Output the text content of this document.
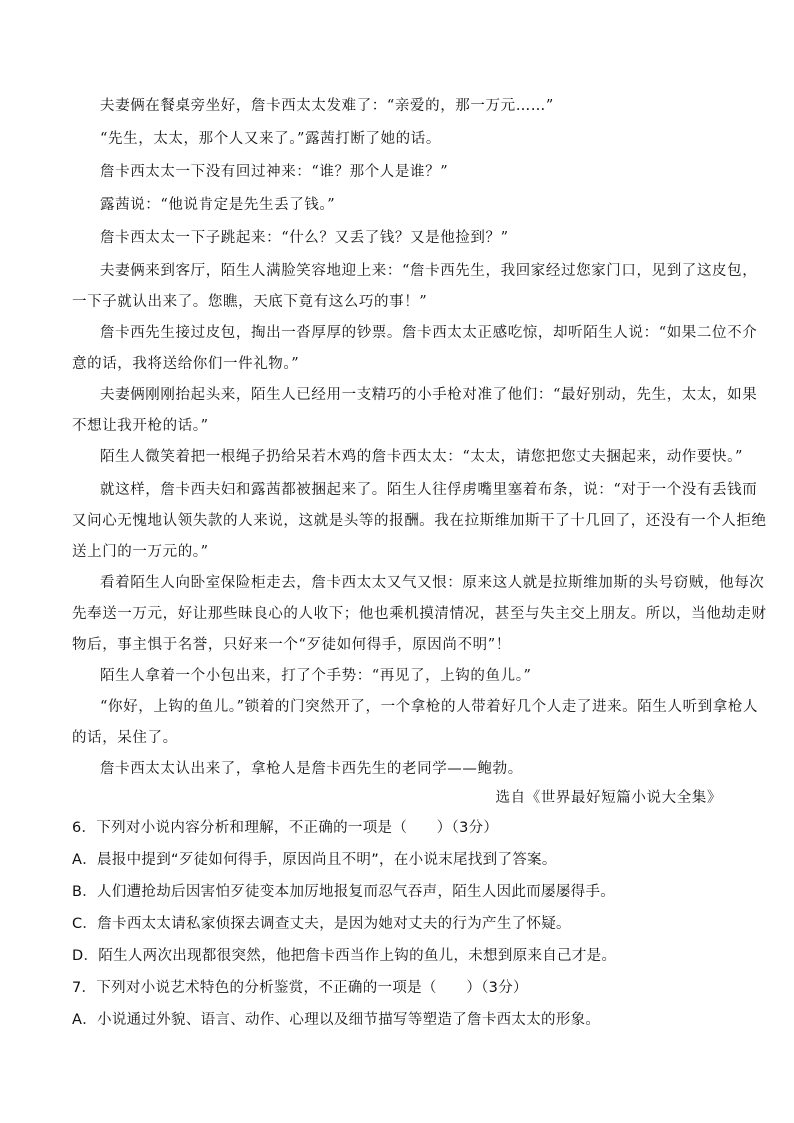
夫妻俩在餐桌旁坐好，詹卡西太太发难了：“亲爱的，那一万元……”

“先生，太太，那个人又来了。”露茜打断了她的话。

詹卡西太太一下没有回过神来：“谁？那个人是谁？”

露茜说：“他说肯定是先生丢了钱。”

詹卡西太太一下子跳起来：“什么？又丢了钱？又是他捡到？”

夫妻俩来到客厅，陌生人满脸笑容地迎上来：“詹卡西先生，我回家经过您家门口，见到了这皮包，

一下子就认出来了。您瞧，天底下竟有这么巧的事！”

詹卡西先生接过皮包，掏出一沓厚厚的钞票。詹卡西太太正感吃惊，却听陌生人说：“如果二位不介

意的话，我将送给你们一件礼物。”

夫妻俩刚刚抬起头来，陌生人已经用一支精巧的小手枪对准了他们：“最好别动，先生，太太，如果

不想让我开枪的话。”

陌生人微笑着把一根绳子扔给呆若木鸡的詹卡西太太：“太太，请您把您丈夫捆起来，动作要快。”

就这样，詹卡西夫妇和露茜都被捆起来了。陌生人往俘虏嘴里塞着布条，说：“对于一个没有丢钱而

又问心无愧地认领失款的人来说，这就是头等的报酬。我在拉斯维加斯干了十几回了，还没有一个人拒绝

送上门的一万元的。”

看着陌生人向卧室保险柜走去，詹卡西太太又气又恨：原来这人就是拉斯维加斯的头号窃贼，他每次

先奉送一万元，好让那些昧良心的人收下；他也乘机摸清情况，甚至与失主交上朋友。所以，当他劫走财

物后，事主惧于名誉，只好来一个“歹徒如何得手，原因尚不明”！

陌生人拿着一个小包出来，打了个手势：“再见了，上钩的鱼儿。”

“你好，上钩的鱼儿。”锁着的门突然开了，一个拿枪的人带着好几个人走了进来。陌生人听到拿枪人

的话，呆住了。

詹卡西太太认出来了，拿枪人是詹卡西先生的老同学——鲍勃。

选自《世界最好短篇小说大全集》

6．下列对小说内容分析和理解，不正确的一项是（　　）（3分）

A．晨报中提到“歹徒如何得手，原因尚且不明”，在小说末尾找到了答案。

B．人们遭抢劫后因害怕歹徒变本加厉地报复而忍气吞声，陌生人因此而屡屡得手。

C．詹卡西太太请私家侦探去调查丈夫，是因为她对丈夫的行为产生了怀疑。

D．陌生人两次出现都很突然，他把詹卡西当作上钩的鱼儿，未想到原来自己才是。

7．下列对小说艺术特色的分析鉴赏，不正确的一项是（　　）（3分）

A．小说通过外貌、语言、动作、心理以及细节描写等塑造了詹卡西太太的形象。
